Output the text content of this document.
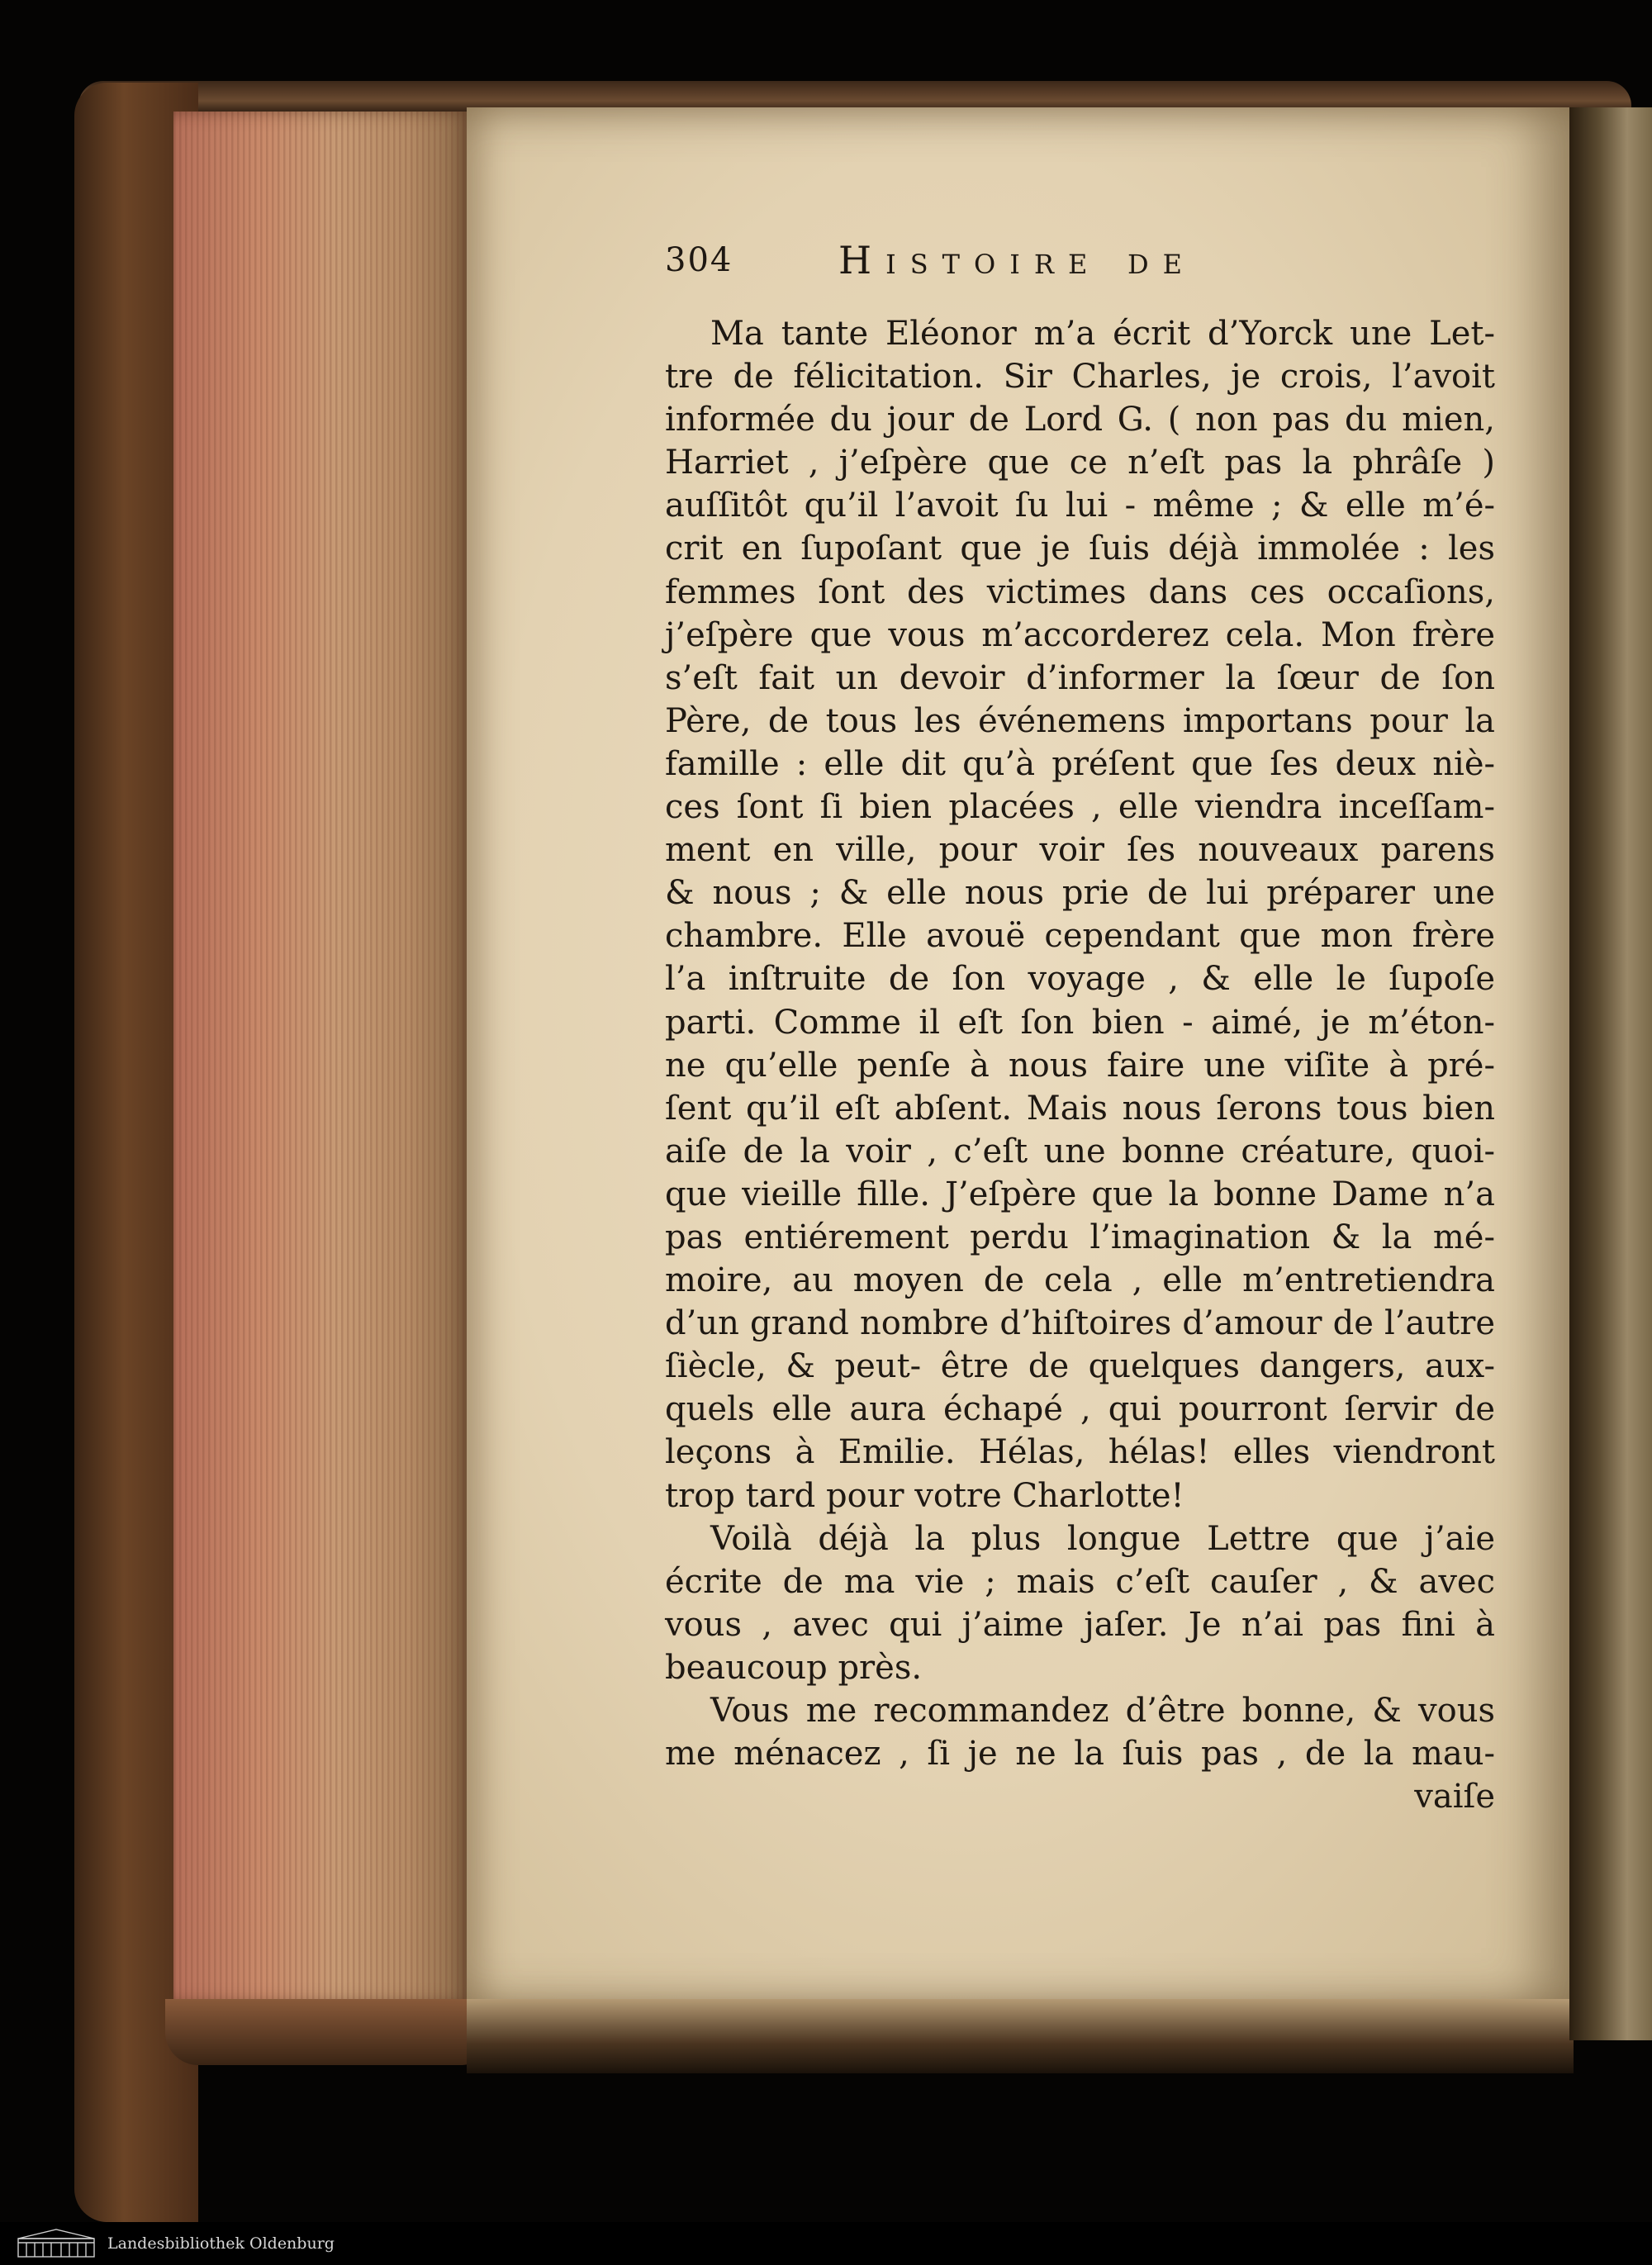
304	Histoire de
Ma tante Eléonor m’a écrit d’Yorck une Let-
tre de félicitation. Sir Charles, je crois, l’avoit
informée du jour de Lord G. ( non pas du mien,
Harriet , j’eſpère que ce n’eſt pas la phrâſe )
auſſitôt qu’il l’avoit ſu lui - même ; & elle m’é-
crit en ſupoſant que je ſuis déjà immolée : les
femmes ſont des victimes dans ces occaſions,
j’eſpère que vous m’accorderez cela. Mon frère
s’eſt fait un devoir d’informer la ſœur de ſon
Père, de tous les événemens importans pour la
famille : elle dit qu’à préſent que ſes deux niè-
ces ſont ſi bien placées , elle viendra inceſſam-
ment en ville, pour voir ſes nouveaux parens
& nous ; & elle nous prie de lui préparer une
chambre. Elle avouë cependant que mon frère
l’a inſtruite de ſon voyage , & elle le ſupoſe
parti. Comme il eſt ſon bien - aimé, je m’éton-
ne qu’elle penſe à nous faire une viſite à pré-
ſent qu’il eſt abſent. Mais nous ſerons tous bien
aiſe de la voir , c’eſt une bonne créature, quoi-
que vieille fille. J’eſpère que la bonne Dame n’a
pas entiérement perdu l’imagination & la mé-
moire, au moyen de cela , elle m’entretiendra
d’un grand nombre d’hiſtoires d’amour de l’autre
ſiècle, & peut- être de quelques dangers, aux-
quels elle aura échapé , qui pourront ſervir de
leçons à Emilie. Hélas, hélas! elles viendront
trop tard pour votre Charlotte!
Voilà déjà la plus longue Lettre que j’aie
écrite de ma vie ; mais c’eſt cauſer , & avec
vous , avec qui j’aime jaſer. Je n’ai pas fini à
beaucoup près.
Vous me recommandez d’être bonne, & vous
me ménacez , ſi je ne la ſuis pas , de la mau-
vaiſe
Landesbibliothek Oldenburg
